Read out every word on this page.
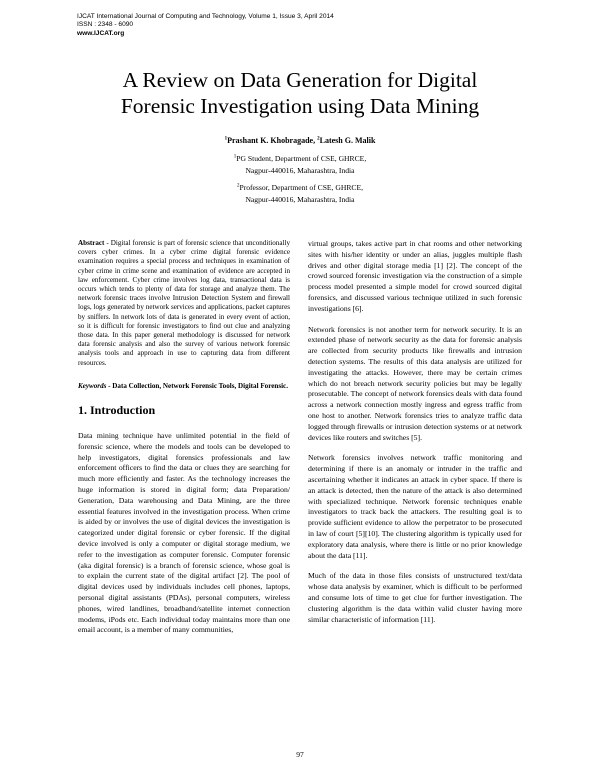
IJCAT International Journal of Computing and Technology, Volume 1, Issue 3, April 2014
ISSN : 2348 - 6090
www.IJCAT.org
A Review on Data Generation for Digital
Forensic Investigation using Data Mining
$^1$Prashant K. Khobragade, $^2$Latesh G. Malik
$^1$PG Student, Department of CSE, GHRCE,
Nagpur-440016, Maharashtra, India
$^2$Professor, Department of CSE, GHRCE,
Nagpur-440016, Maharashtra, India

Abstract - Digital forensic is part of forensic science that unconditionally covers cyber crimes. In a cyber crime digital forensic evidence examination requires a special process and techniques in examination of cyber crime in crime scene and examination of evidence are accepted in law enforcement. Cyber crime involves log data, transactional data is occurs which tends to plenty of data for storage and analyze them. The network forensic traces involve Intrusion Detection System and firewall logs, logs generated by network services and applications, packet captures by sniffers. In network lots of data is generated in every event of action, so it is difficult for forensic investigators to find out clue and analyzing those data. In this paper general methodology is discussed for network data forensic analysis and also the survey of various network forensic analysis tools and approach in use to capturing data from different resources.

Keywords - Data Collection, Network Forensic Tools, Digital Forensic.

1. Introduction

Data mining technique have unlimited potential in the field of forensic science, where the models and tools can be developed to help investigators, digital forensics professionals and law enforcement officers to find the data or clues they are searching for much more efficiently and faster. As the technology increases the huge information is stored in digital form; data Preparation/ Generation, Data warehousing and Data Mining, are the three essential features involved in the investigation process. When crime is aided by or involves the use of digital devices the investigation is categorized under digital forensic or cyber forensic. If the digital device involved is only a computer or digital storage medium, we refer to the investigation as computer forensic. Computer forensic (aka digital forensic) is a branch of forensic science, whose goal is to explain the current state of the digital artifact [2]. The pool of digital devices used by individuals includes cell phones, laptops, personal digital assistants (PDAs), personal computers, wireless phones, wired landlines, broadband/satellite internet connection modems, iPods etc. Each individual today maintains more than one email account, is a member of many communities,

virtual groups, takes active part in chat rooms and other networking sites with his/her identity or under an alias, juggles multiple flash drives and other digital storage media [1] [2]. The concept of the crowd sourced forensic investigation via the construction of a simple process model presented a simple model for crowd sourced digital forensics, and discussed various technique utilized in such forensic investigations [6].

Network forensics is not another term for network security. It is an extended phase of network security as the data for forensic analysis are collected from security products like firewalls and intrusion detection systems. The results of this data analysis are utilized for investigating the attacks. However, there may be certain crimes which do not breach network security policies but may be legally prosecutable. The concept of network forensics deals with data found across a network connection mostly ingress and egress traffic from one host to another. Network forensics tries to analyze traffic data logged through firewalls or intrusion detection systems or at network devices like routers and switches [5].

Network forensics involves network traffic monitoring and determining if there is an anomaly or intruder in the traffic and ascertaining whether it indicates an attack in cyber space. If there is an attack is detected, then the nature of the attack is also determined with specialized technique. Network forensic techniques enable investigators to track back the attackers. The resulting goal is to provide sufficient evidence to allow the perpetrator to be prosecuted in law of court [5][10]. The clustering algorithm is typically used for exploratory data analysis, where there is little or no prior knowledge about the data [11].

Much of the data in those files consists of unstructured text/data whose data analysis by examiner, which is difficult to be performed and consume lots of time to get clue for further investigation. The clustering algorithm is the data within valid cluster having more similar characteristic of information [11].

97
